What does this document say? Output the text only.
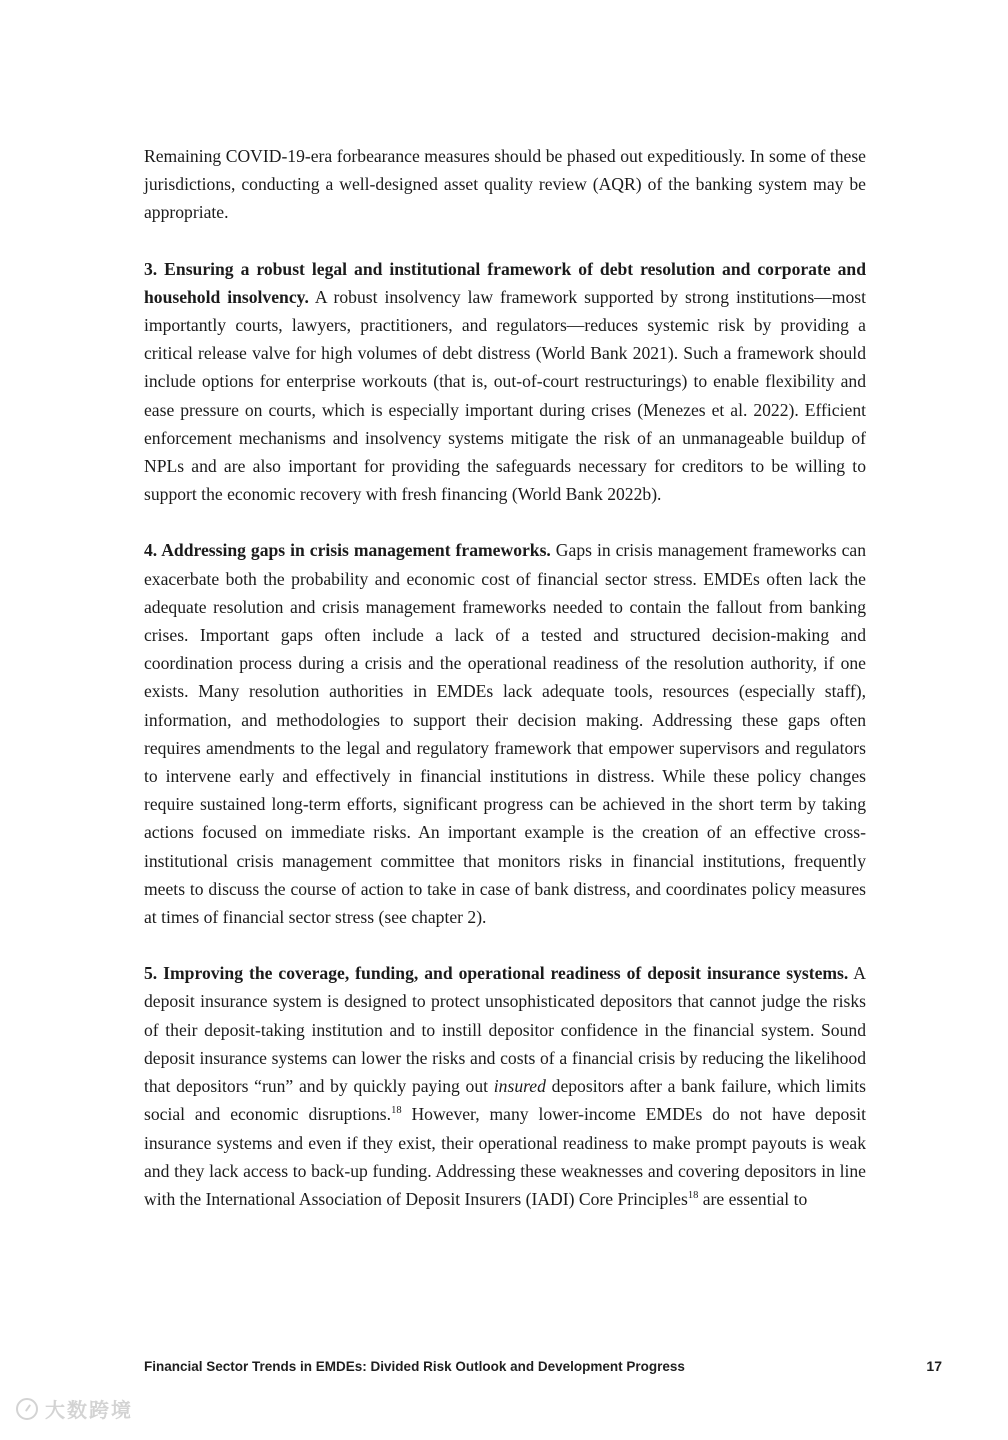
Remaining COVID-19-era forbearance measures should be phased out expeditiously. In some of these jurisdictions, conducting a well-designed asset quality review (AQR) of the banking system may be appropriate.

3. Ensuring a robust legal and institutional framework of debt resolution and corporate and household insolvency. A robust insolvency law framework supported by strong institutions—most importantly courts, lawyers, practitioners, and regulators—reduces systemic risk by providing a critical release valve for high volumes of debt distress (World Bank 2021). Such a framework should include options for enterprise workouts (that is, out-of-court restructurings) to enable flexibility and ease pressure on courts, which is especially important during crises (Menezes et al. 2022). Efficient enforcement mechanisms and insolvency systems mitigate the risk of an unmanageable buildup of NPLs and are also important for providing the safeguards necessary for creditors to be willing to support the economic recovery with fresh financing (World Bank 2022b).

4. Addressing gaps in crisis management frameworks. Gaps in crisis management frameworks can exacerbate both the probability and economic cost of financial sector stress. EMDEs often lack the adequate resolution and crisis management frameworks needed to contain the fallout from banking crises. Important gaps often include a lack of a tested and structured decision-making and coordination process during a crisis and the operational readiness of the resolution authority, if one exists. Many resolution authorities in EMDEs lack adequate tools, resources (especially staff), information, and methodologies to support their decision making. Addressing these gaps often requires amendments to the legal and regulatory framework that empower supervisors and regulators to intervene early and effectively in financial institutions in distress. While these policy changes require sustained long-term efforts, significant progress can be achieved in the short term by taking actions focused on immediate risks. An important example is the creation of an effective cross-institutional crisis management committee that monitors risks in financial institutions, frequently meets to discuss the course of action to take in case of bank distress, and coordinates policy measures at times of financial sector stress (see chapter 2).

5. Improving the coverage, funding, and operational readiness of deposit insurance systems. A deposit insurance system is designed to protect unsophisticated depositors that cannot judge the risks of their deposit-taking institution and to instill depositor confidence in the financial system. Sound deposit insurance systems can lower the risks and costs of a financial crisis by reducing the likelihood that depositors “run” and by quickly paying out insured depositors after a bank failure, which limits social and economic disruptions.$^{18}$ However, many lower-income EMDEs do not have deposit insurance systems and even if they exist, their operational readiness to make prompt payouts is weak and they lack access to back-up funding. Addressing these weaknesses and covering depositors in line with the International Association of Deposit Insurers (IADI) Core Principles$^{18}$ are essential to

Financial Sector Trends in EMDEs: Divided Risk Outlook and Development Progress	17
大数跨境
